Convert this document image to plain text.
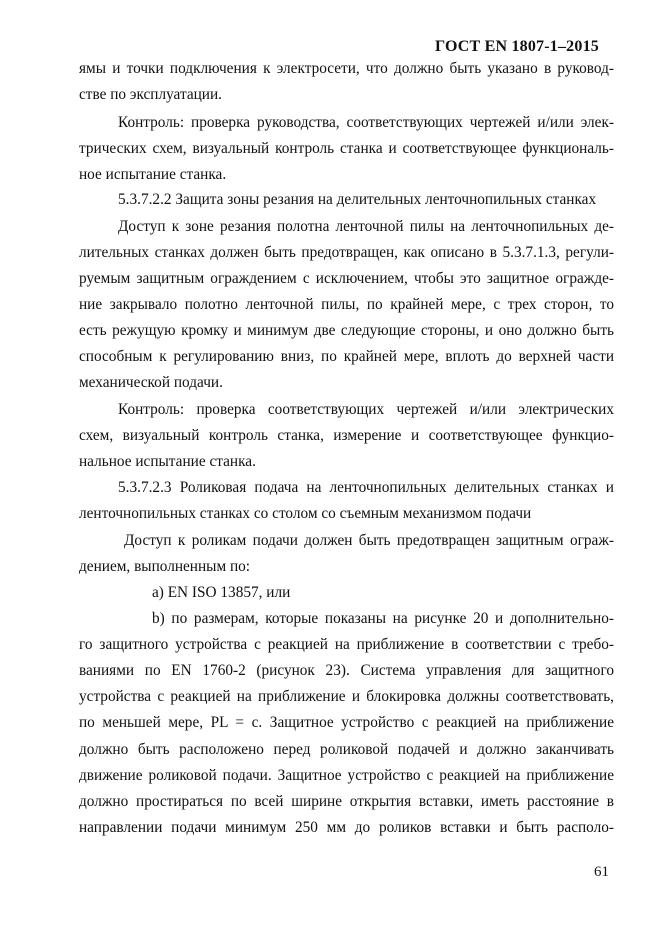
ГОСТ EN 1807-1–2015
ямы и точки подключения к электросети, что должно быть указано в руковод-
стве по эксплуатации.
Контроль: проверка руководства, соответствующих чертежей и/или элек-
трических схем, визуальный контроль станка и соответствующее функциональ-
ное испытание станка.
5.3.7.2.2 Защита зоны резания на делительных ленточнопильных станках
Доступ к зоне резания полотна ленточной пилы на ленточнопильных де-
лительных станках должен быть предотвращен, как описано в 5.3.7.1.3, регули-
руемым защитным ограждением с исключением, чтобы это защитное огражде-
ние закрывало полотно ленточной пилы, по крайней мере, с трех сторон, то
есть режущую кромку и минимум две следующие стороны, и оно должно быть
способным к регулированию вниз, по крайней мере, вплоть до верхней части
механической подачи.
Контроль: проверка соответствующих чертежей и/или электрических
схем, визуальный контроль станка, измерение и соответствующее функцио-
нальное испытание станка.
5.3.7.2.3 Роликовая подача на ленточнопильных делительных станках и
ленточнопильных станках со столом со съемным механизмом подачи
Доступ к роликам подачи должен быть предотвращен защитным ограж-
дением, выполненным по:
a) EN ISO 13857, или
b) по размерам, которые показаны на рисунке 20 и дополнительно-
го защитного устройства с реакцией на приближение в соответствии с требо-
ваниями по EN 1760-2 (рисунок 23). Система управления для защитного
устройства с реакцией на приближение и блокировка должны соответствовать,
по меньшей мере, PL = c. Защитное устройство с реакцией на приближение
должно быть расположено перед роликовой подачей и должно заканчивать
движение роликовой подачи. Защитное устройство с реакцией на приближение
должно простираться по всей ширине открытия вставки, иметь расстояние в
направлении подачи минимум 250 мм до роликов вставки и быть располо-
61
